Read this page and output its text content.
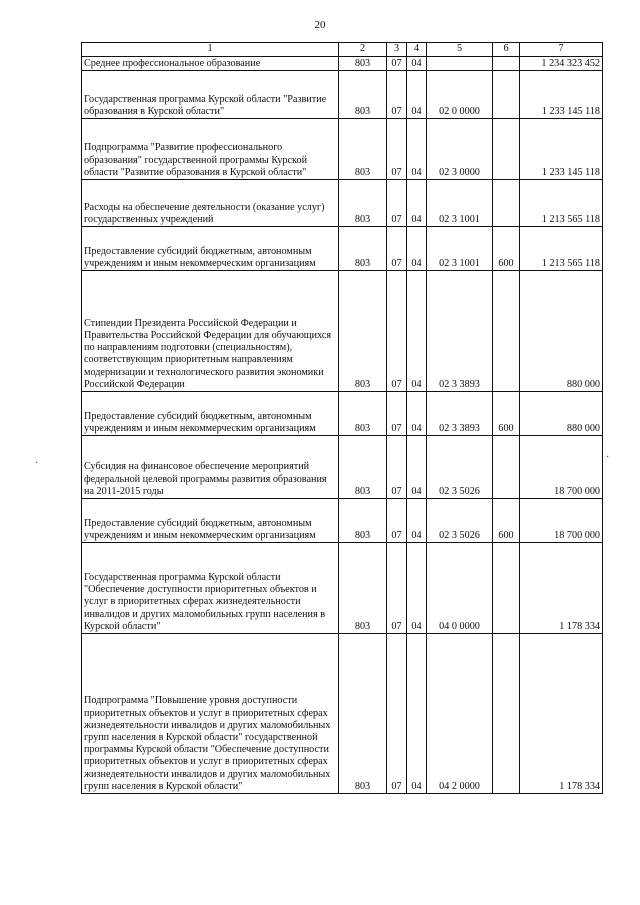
20
1	2	3	4	5	6	7
Среднее профессиональное образование	803	07	04			1 234 323 452
Государственная программа Курской области "Развитие образования в Курской области"	803	07	04	02 0 0000		1 233 145 118
Подпрограмма "Развитие профессионального образования" государственной программы Курской области "Развитие образования в Курской области"	803	07	04	02 3 0000		1 233 145 118
Расходы на обеспечение деятельности (оказание услуг) государственных учреждений	803	07	04	02 3 1001		1 213 565 118
Предоставление субсидий бюджетным, автономным учреждениям и иным некоммерческим организациям	803	07	04	02 3 1001	600	1 213 565 118
Стипендии Президента Российской Федерации и Правительства Российской Федерации для обучающихся по направлениям подготовки (специальностям), соответствующим приоритетным направлениям модернизации и технологического развития экономики Российской Федерации	803	07	04	02 3 3893		880 000
Предоставление субсидий бюджетным, автономным учреждениям и иным некоммерческим организациям	803	07	04	02 3 3893	600	880 000
Субсидия на финансовое обеспечение мероприятий федеральной целевой программы развития образования на 2011-2015 годы	803	07	04	02 3 5026		18 700 000
Предоставление субсидий бюджетным, автономным учреждениям и иным некоммерческим организациям	803	07	04	02 3 5026	600	18 700 000
Государственная программа Курской области "Обеспечение доступности приоритетных объектов и услуг в приоритетных сферах жизнедеятельности инвалидов и других маломобильных групп населения в Курской области"	803	07	04	04 0 0000		1 178 334
Подпрограмма "Повышение уровня доступности приоритетных объектов и услуг в приоритетных сферах жизнедеятельности инвалидов и других маломобильных групп населения в Курской области" государственной программы Курской области "Обеспечение доступности приоритетных объектов и услуг в приоритетных сферах жизнедеятельности инвалидов и других маломобильных групп населения в Курской области"	803	07	04	04 2 0000		1 178 334
·
·
